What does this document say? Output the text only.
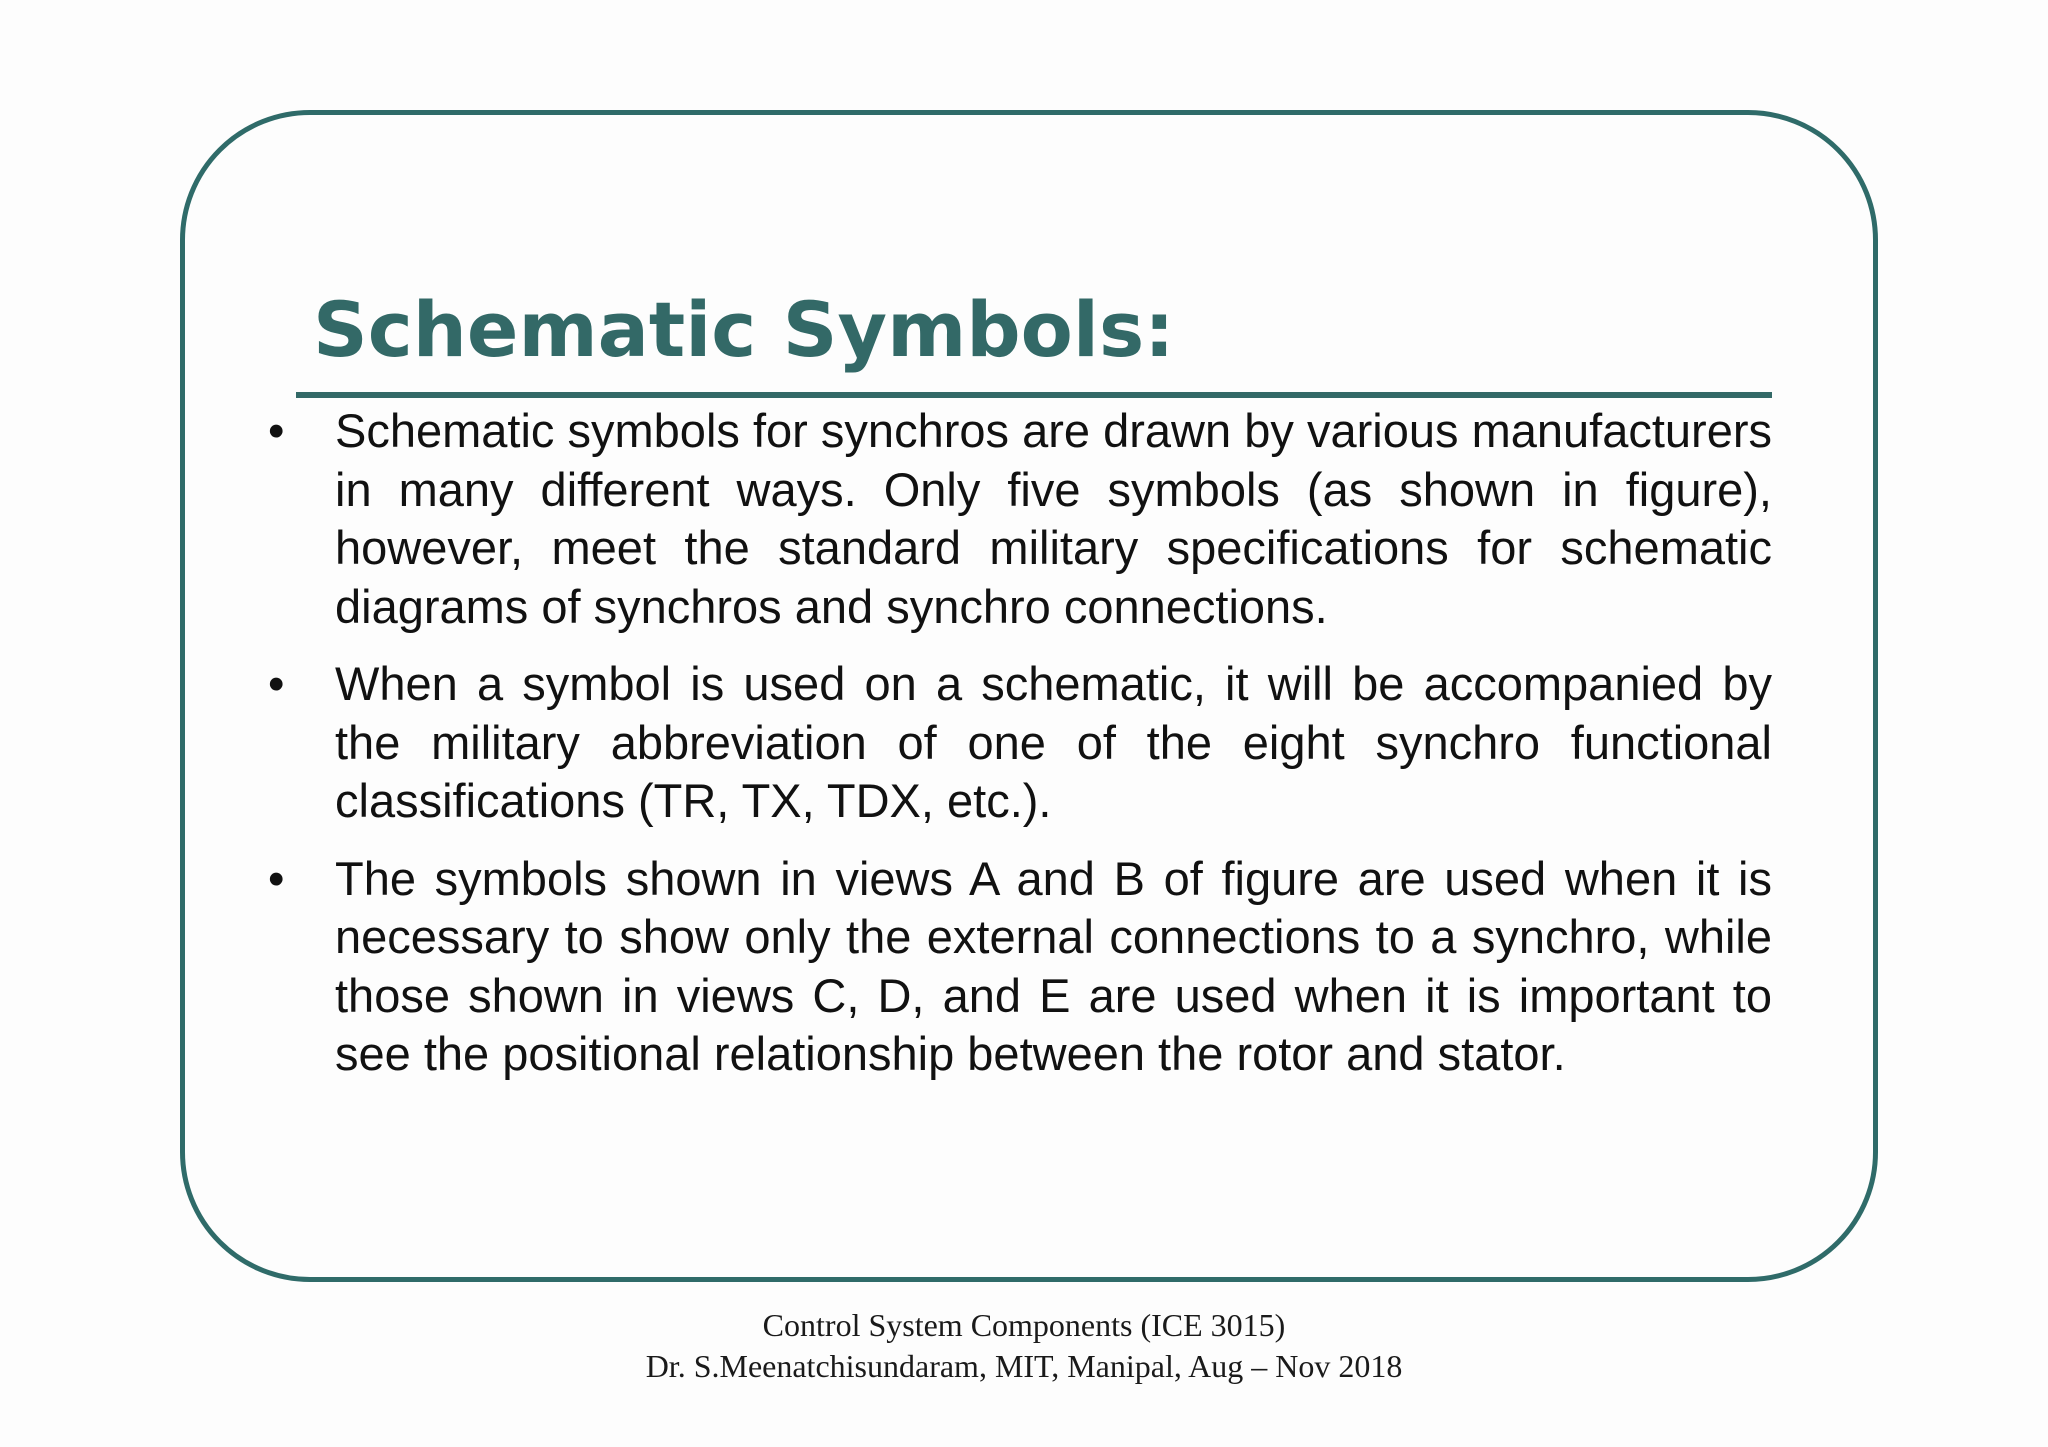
Schematic Symbols:
• Schematic symbols for synchros are drawn by various manufacturers in many different ways. Only five symbols (as shown in figure), however, meet the standard military specifications for schematic diagrams of synchros and synchro connections.
• When a symbol is used on a schematic, it will be accompanied by the military abbreviation of one of the eight synchro functional classifications (TR, TX, TDX, etc.).
• The symbols shown in views A and B of figure are used when it is necessary to show only the external connections to a synchro, while those shown in views C, D, and E are used when it is important to see the positional relationship between the rotor and stator.
Control System Components (ICE 3015)
Dr. S.Meenatchisundaram, MIT, Manipal, Aug – Nov 2018
